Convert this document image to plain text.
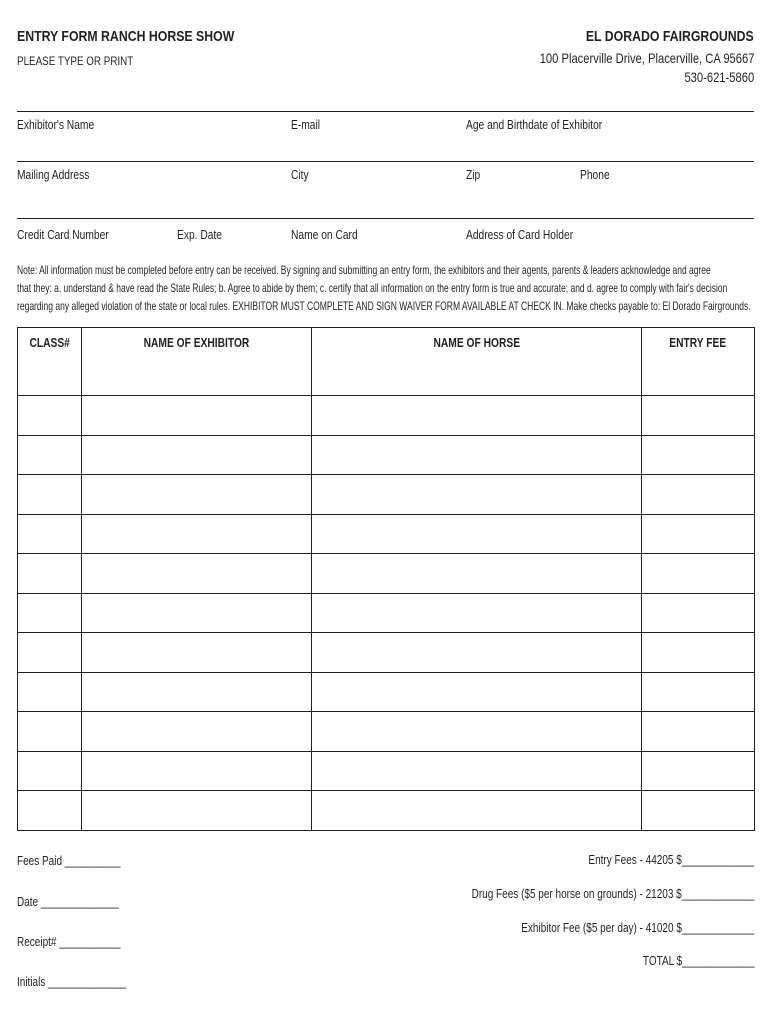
ENTRY FORM RANCH HORSE SHOW
PLEASE TYPE OR PRINT
EL DORADO FAIRGROUNDS
100 Placerville Drive, Placerville, CA 95667
530-621-5860
Exhibitor's Name	E-mail	Age and Birthdate of Exhibitor
Mailing Address	City	Zip	Phone
Credit Card Number	Exp. Date	Name on Card	Address of Card Holder
Note: All information must be completed before entry can be received. By signing and submitting an entry form, the exhibitors and their agents, parents & leaders acknowledge and agree
that they: a. understand & have read the State Rules; b. Agree to abide by them; c. certify that all information on the entry form is true and accurate; and d. agree to comply with fair's decision
regarding any alleged violation of the state or local rules. EXHIBITOR MUST COMPLETE AND SIGN WAIVER FORM AVAILABLE AT CHECK IN. Make checks payable to: El Dorado Fairgrounds.
CLASS#	NAME OF EXHIBITOR	NAME OF HORSE	ENTRY FEE

Fees Paid __________
Date ______________
Receipt# ___________
Initials ______________
Entry Fees - 44205 $_____________
Drug Fees ($5 per horse on grounds) - 21203 $_____________
Exhibitor Fee ($5 per day) - 41020 $_____________
TOTAL $_____________
